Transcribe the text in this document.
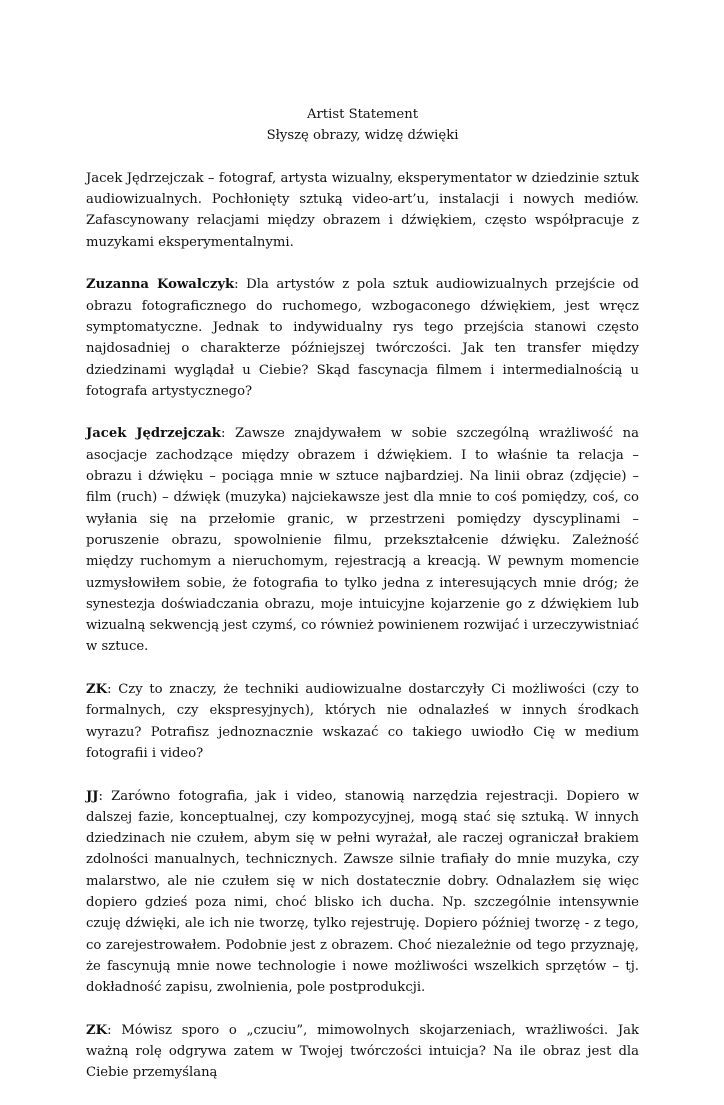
Artist Statement
Słyszę obrazy, widzę dźwięki

Jacek Jędrzejczak – fotograf, artysta wizualny, eksperymentator w dziedzinie sztuk audiowizualnych. Pochłonięty sztuką video-art’u, instalacji i nowych mediów. Zafascynowany relacjami między obrazem i dźwiękiem, często współpracuje z muzykami eksperymentalnymi.

Zuzanna Kowalczyk: Dla artystów z pola sztuk audiowizualnych przejście od obrazu fotograficznego do ruchomego, wzbogaconego dźwiękiem, jest wręcz symptomatyczne. Jednak to indywidualny rys tego przejścia stanowi często najdosadniej o charakterze późniejszej twórczości. Jak ten transfer między dziedzinami wyglądał u Ciebie? Skąd fascynacja filmem i intermedialnością u fotografa artystycznego?

Jacek Jędrzejczak: Zawsze znajdywałem w sobie szczególną wrażliwość na asocjacje zachodzące między obrazem i dźwiękiem. I to właśnie ta relacja – obrazu i dźwięku – pociąga mnie w sztuce najbardziej. Na linii obraz (zdjęcie) – film (ruch) – dźwięk (muzyka) najciekawsze jest dla mnie to coś pomiędzy, coś, co wyłania się na przełomie granic, w przestrzeni pomiędzy dyscyplinami – poruszenie obrazu, spowolnienie filmu, przekształcenie dźwięku. Zależność między ruchomym a nieruchomym, rejestracją a kreacją. W pewnym momencie uzmysłowiłem sobie, że fotografia to tylko jedna z interesujących mnie dróg; że synestezja doświadczania obrazu, moje intuicyjne kojarzenie go z dźwiękiem lub wizualną sekwencją jest czymś, co również powinienem rozwijać i urzeczywistniać w sztuce.

ZK: Czy to znaczy, że techniki audiowizualne dostarczyły Ci możliwości (czy to formalnych, czy ekspresyjnych), których nie odnalazłeś w innych środkach wyrazu? Potrafisz jednoznacznie wskazać co takiego uwiodło Cię w medium fotografii i video?

JJ: Zarówno fotografia, jak i video, stanowią narzędzia rejestracji. Dopiero w dalszej fazie, konceptualnej, czy kompozycyjnej, mogą stać się sztuką. W innych dziedzinach nie czułem, abym się w pełni wyrażał, ale raczej ograniczał brakiem zdolności manualnych, technicznych. Zawsze silnie trafiały do mnie muzyka, czy malarstwo, ale nie czułem się w nich dostatecznie dobry. Odnalazłem się więc dopiero gdzieś poza nimi, choć blisko ich ducha. Np. szczególnie intensywnie czuję dźwięki, ale ich nie tworzę, tylko rejestruję. Dopiero później tworzę - z tego, co zarejestrowałem. Podobnie jest z obrazem. Choć niezależnie od tego przyznaję, że fascynują mnie nowe technologie i nowe możliwości wszelkich sprzętów – tj. dokładność zapisu, zwolnienia, pole postprodukcji.

ZK: Mówisz sporo o „czuciu”, mimowolnych skojarzeniach, wrażliwości. Jak ważną rolę odgrywa zatem w Twojej twórczości intuicja? Na ile obraz jest dla Ciebie przemyślaną
